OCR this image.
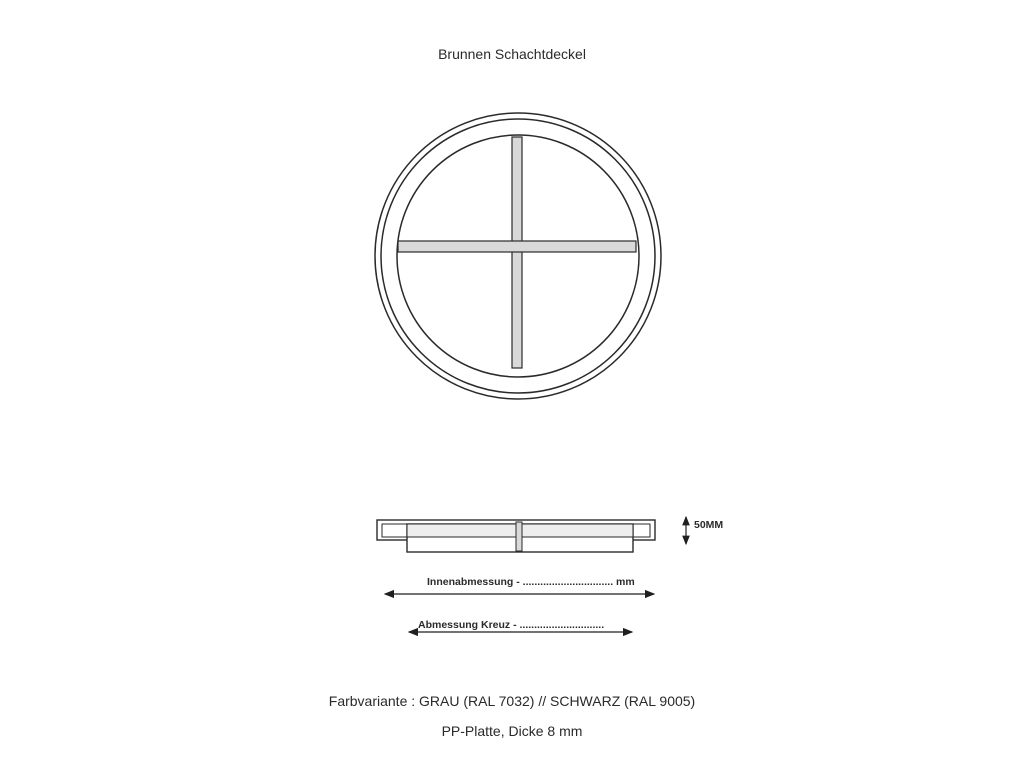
Brunnen Schachtdeckel
50MM
Innenabmessung - ............................... mm
Abmessung Kreuz - .............................
Farbvariante : GRAU (RAL 7032) // SCHWARZ (RAL 9005)
PP-Platte, Dicke 8 mm
